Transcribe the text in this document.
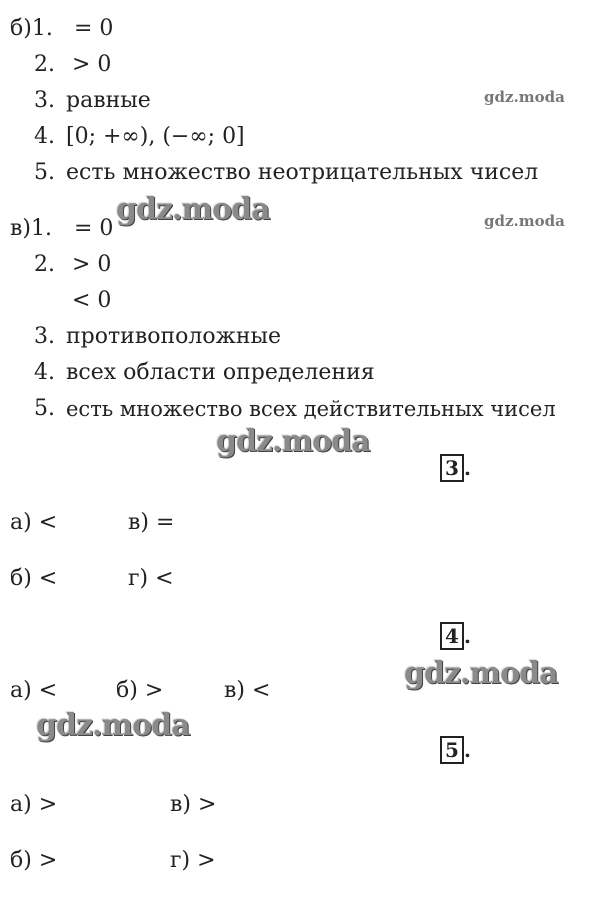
б)1. = 0
2. > 0
3. равные
4. [0; +∞), (−∞; 0]
5. есть множество неотрицательных чисел
в)1. = 0
2. > 0
< 0
3. противоположные
4. всех области определения
5. есть множество всех действительных чисел
3 .
а) <	в) =
б) <	г) <
4 .
а) <	б) >	в) <
5 .
а) >	в) >
б) >	г) >
gdz.moda
gdz.moda	gdz.moda
gdz.moda
gdz.moda
gdz.moda
